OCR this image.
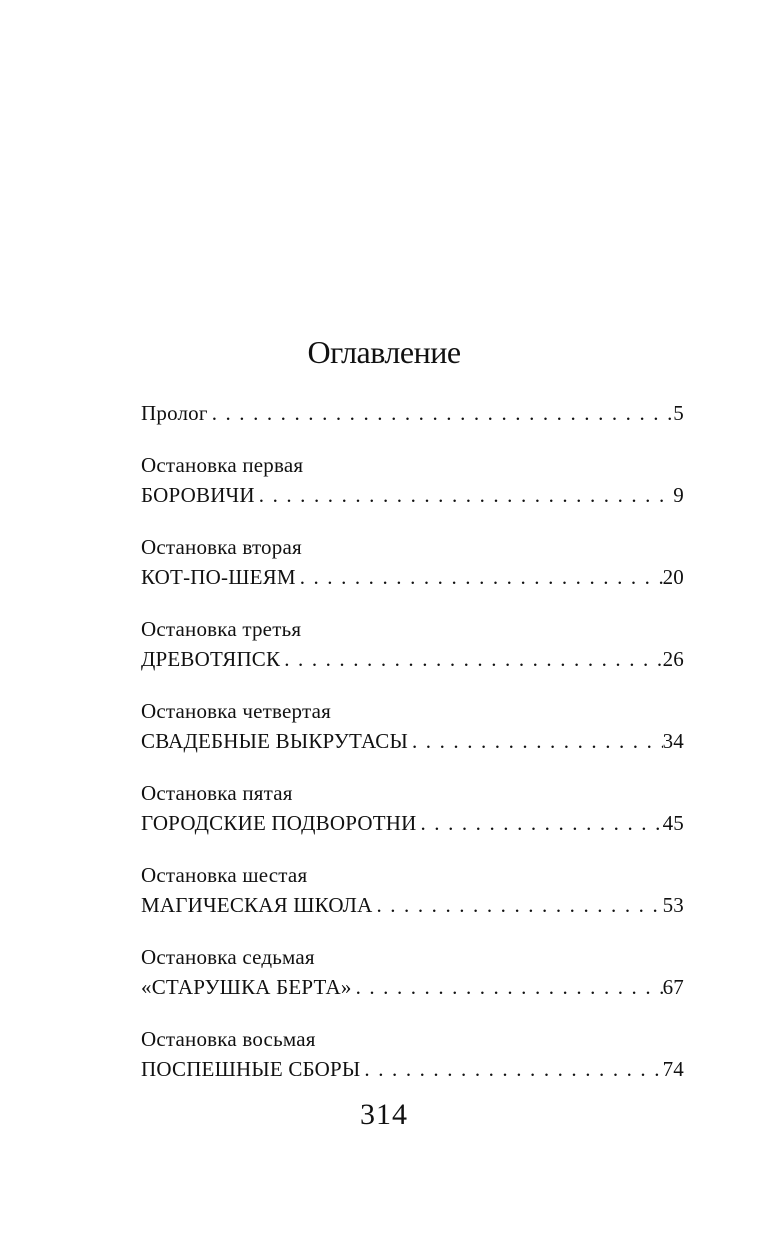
Оглавление
Пролог . . .	5
Остановка первая
БОРОВИЧИ . . .	9
Остановка вторая
КОТ-ПО-ШЕЯМ . . .	20
Остановка третья
ДРЕВОТЯПСК . . .	26
Остановка четвертая
СВАДЕБНЫЕ ВЫКРУТАСЫ . . .	34
Остановка пятая
ГОРОДСКИЕ ПОДВОРОТНИ . . .	45
Остановка шестая
МАГИЧЕСКАЯ ШКОЛА . . .	53
Остановка седьмая
«СТАРУШКА БЕРТА» . . .	67
Остановка восьмая
ПОСПЕШНЫЕ СБОРЫ . . .	74
314
